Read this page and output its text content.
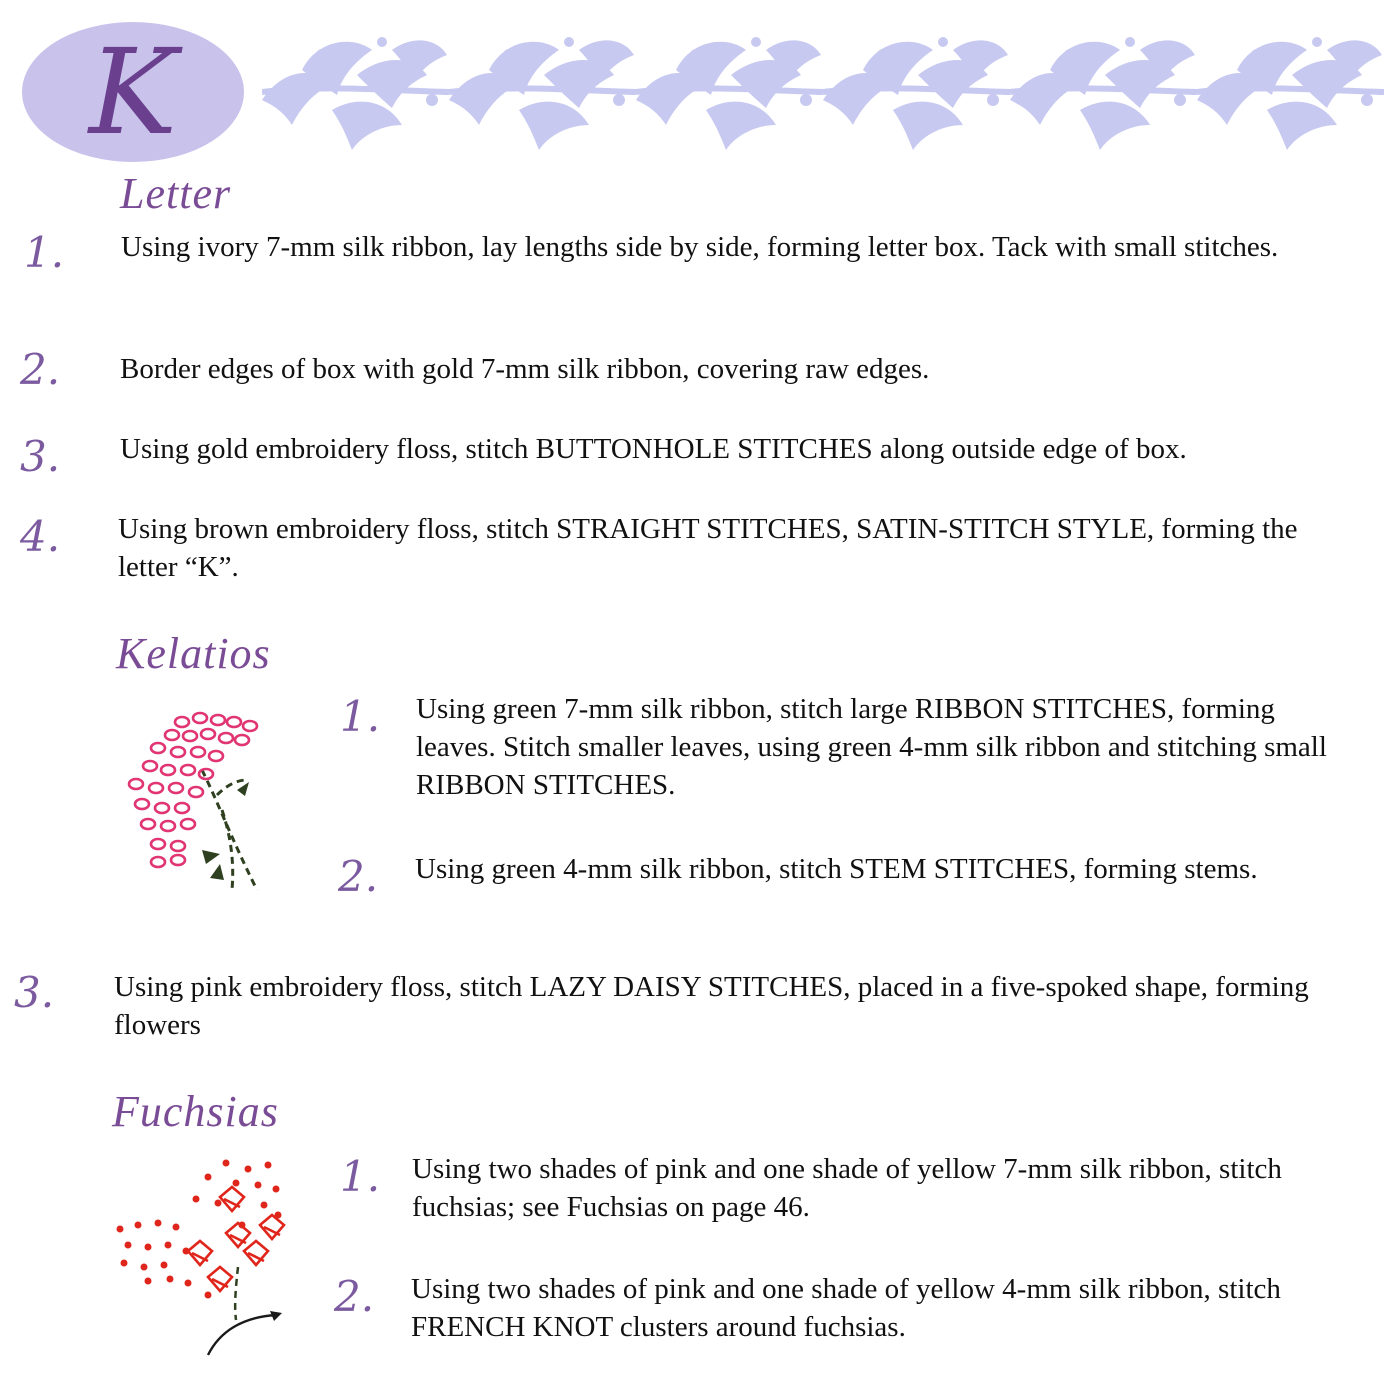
K
Letter
1. Using ivory 7-mm silk ribbon, lay lengths side by side, forming letter box. Tack with small stitches.

2. Border edges of box with gold 7-mm silk ribbon, covering raw edges.

3. Using gold embroidery floss, stitch BUTTONHOLE STITCHES along outside edge of box.

4. Using brown embroidery floss, stitch STRAIGHT STITCHES, SATIN-STITCH STYLE, forming the letter “K”.

Kelatios
1. Using green 7-mm silk ribbon, stitch large RIBBON STITCHES, forming leaves. Stitch smaller leaves, using green 4-mm silk ribbon and stitching small RIBBON STITCHES.

2. Using green 4-mm silk ribbon, stitch STEM STITCHES, forming stems.

3. Using pink embroidery floss, stitch LAZY DAISY STITCHES, placed in a five-spoked shape, forming flowers

Fuchsias
1. Using two shades of pink and one shade of yellow 7-mm silk ribbon, stitch fuchsias; see Fuchsias on page 46.

2. Using two shades of pink and one shade of yellow 4-mm silk ribbon, stitch FRENCH KNOT clusters around fuchsias.
